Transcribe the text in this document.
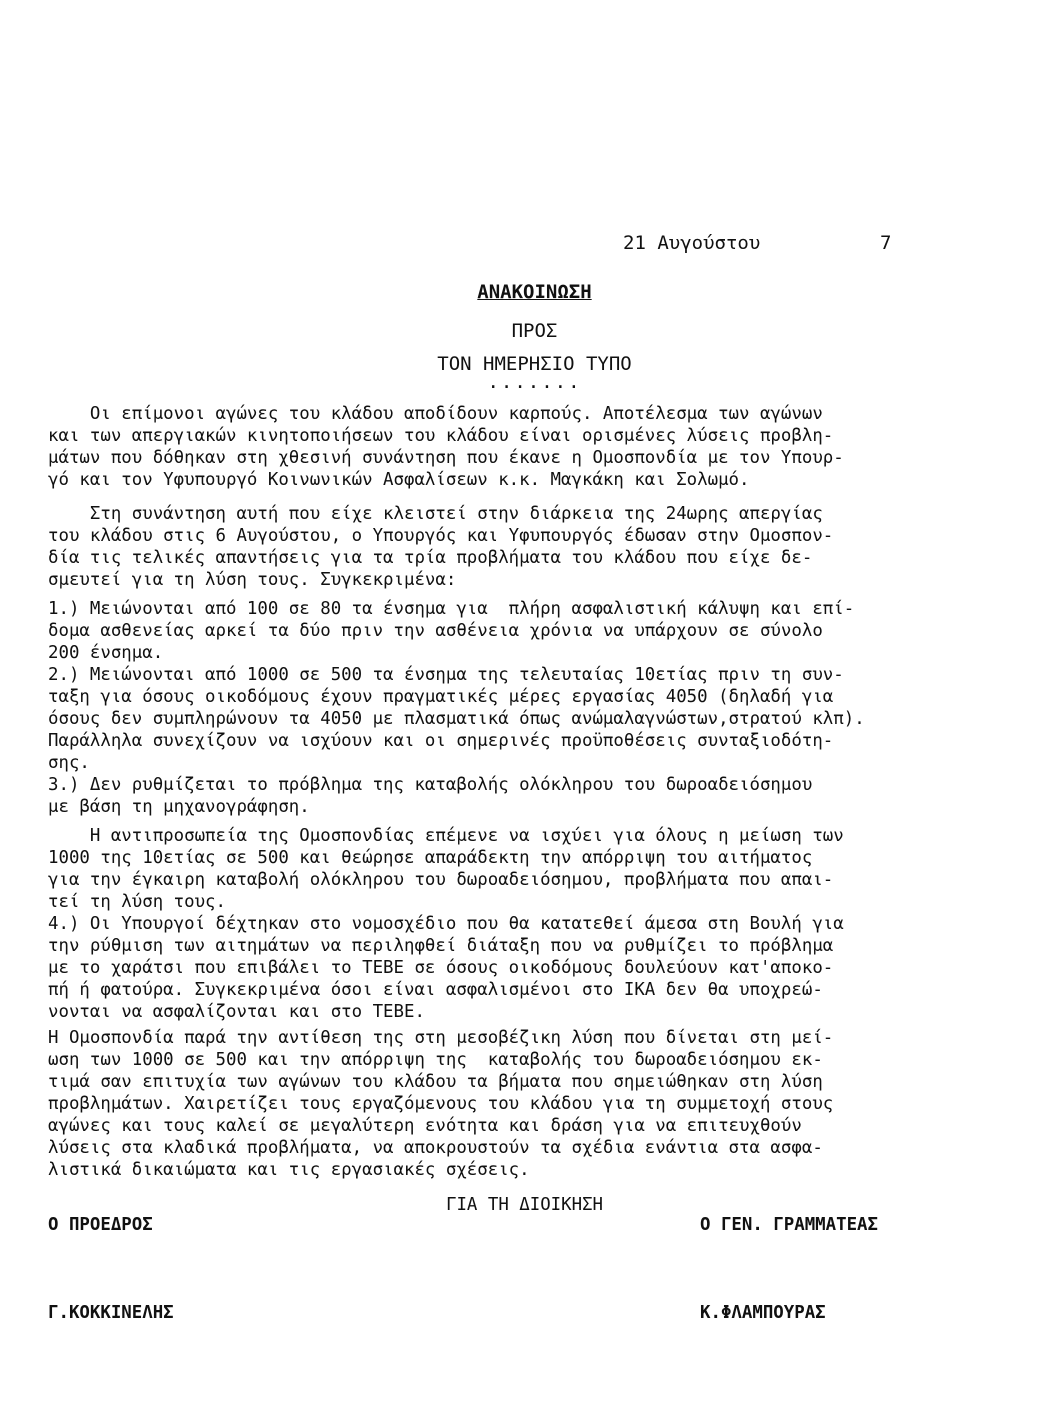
21 Αυγούστου	7
ΑΝΑΚΟΙΝΩΣΗ
ΠΡΟΣ
ΤΟΝ ΗΜΕΡΗΣΙΟ ΤΥΠΟ
.......
Οι επίμονοι αγώνες του κλάδου αποδίδουν καρπούς. Αποτέλεσμα των αγώνων
και των απεργιακών κινητοποιήσεων του κλάδου είναι ορισμένες λύσεις προβλη-
μάτων που δόθηκαν στη χθεσινή συνάντηση που έκανε η Ομοσπονδία με τον Υπουρ-
γό και τον Υφυπουργό Κοινωνικών Ασφαλίσεων κ.κ. Μαγκάκη και Σολωμό.
Στη συνάντηση αυτή που είχε κλειστεί στην διάρκεια της 24ωρης απεργίας
του κλάδου στις 6 Αυγούστου, ο Υπουργός και Υφυπουργός έδωσαν στην Ομοσπον-
δία τις τελικές απαντήσεις για τα τρία προβλήματα του κλάδου που είχε δε-
σμευτεί για τη λύση τους. Συγκεκριμένα:
1.) Μειώνονται από 100 σε 80 τα ένσημα για  πλήρη ασφαλιστική κάλυψη και επί-
δομα ασθενείας αρκεί τα δύο πριν την ασθένεια χρόνια να υπάρχουν σε σύνολο
200 ένσημα.
2.) Μειώνονται από 1000 σε 500 τα ένσημα της τελευταίας 10ετίας πριν τη συν-
ταξη για όσους οικοδόμους έχουν πραγματικές μέρες εργασίας 4050 (δηλαδή για
όσους δεν συμπληρώνουν τα 4050 με πλασματικά όπως ανώμαλαγνώστων,στρατού κλπ).
Παράλληλα συνεχίζουν να ισχύουν και οι σημερινές προϋποθέσεις συνταξιοδότη-
σης.
3.) Δεν ρυθμίζεται το πρόβλημα της καταβολής ολόκληρου του δωροαδειόσημου
με βάση τη μηχανογράφηση.
Η αντιπροσωπεία της Ομοσπονδίας επέμενε να ισχύει για όλους η μείωση των
1000 της 10ετίας σε 500 και θεώρησε απαράδεκτη την απόρριψη του αιτήματος
για την έγκαιρη καταβολή ολόκληρου του δωροαδειόσημου, προβλήματα που απαι-
τεί τη λύση τους.
4.) Οι Υπουργοί δέχτηκαν στο νομοσχέδιο που θα κατατεθεί άμεσα στη Βουλή για
την ρύθμιση των αιτημάτων να περιληφθεί διάταξη που να ρυθμίζει το πρόβλημα
με το χαράτσι που επιβάλει το ΤΕΒΕ σε όσους οικοδόμους δουλεύουν κατ'αποκο-
πή ή φατούρα. Συγκεκριμένα όσοι είναι ασφαλισμένοι στο ΙΚΑ δεν θα υποχρεώ-
νονται να ασφαλίζονται και στο ΤΕΒΕ.
Η Ομοσπονδία παρά την αντίθεση της στη μεσοβέζικη λύση που δίνεται στη μεί-
ωση των 1000 σε 500 και την απόρριψη της  καταβολής του δωροαδειόσημου εκ-
τιμά σαν επιτυχία των αγώνων του κλάδου τα βήματα που σημειώθηκαν στη λύση
προβλημάτων. Χαιρετίζει τους εργαζόμενους του κλάδου για τη συμμετοχή στους
αγώνες και τους καλεί σε μεγαλύτερη ενότητα και δράση για να επιτευχθούν
λύσεις στα κλαδικά προβλήματα, να αποκρουστούν τα σχέδια ενάντια στα ασφα-
λιστικά δικαιώματα και τις εργασιακές σχέσεις.
ΓΙΑ ΤΗ ΔΙΟΙΚΗΣΗ
Ο ΠΡΟΕΔΡΟΣ	Ο ΓΕΝ. ΓΡΑΜΜΑΤΕΑΣ
Γ.ΚΟΚΚΙΝΕΛΗΣ	Κ.ΦΛΑΜΠΟΥΡΑΣ
